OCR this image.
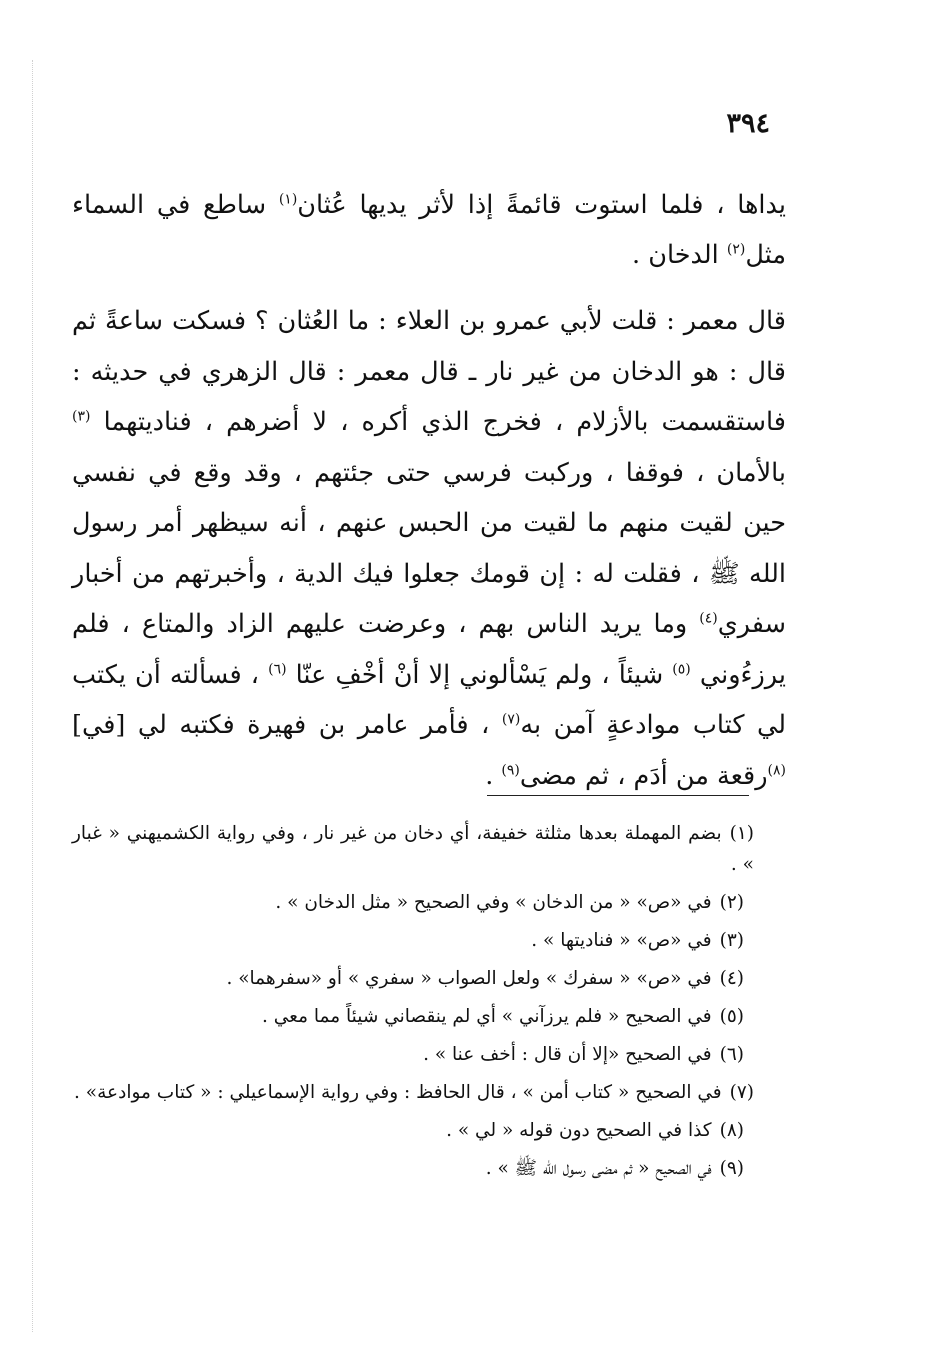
٣٩٤

يداها ، فلما استوت قائمةً إذا لأثر يديها عُثان$^{(١)}$ ساطع في السماء مثل$^{(٢)}$ الدخان .

قال معمر : قلت لأبي عمرو بن العلاء : ما العُثان ؟ فسكت ساعةً ثم قال : هو الدخان من غير نار ـ قال معمر : قال الزهري في حديثه : فاستقسمت بالأزلام ، فخرج الذي أكره ، لا أضرهم ، فناديتهما $^{(٣)}$ بالأمان ، فوقفا ، وركبت فرسي حتى جئتهم ، وقد وقع في نفسي حين لقيت منهم ما لقيت من الحبس عنهم ، أنه سيظهر أمر رسول الله ﷺ ، فقلت له : إن قومك جعلوا فيك الدية ، وأخبرتهم من أخبار سفري$^{(٤)}$ وما يريد الناس بهم ، وعرضت عليهم الزاد والمتاع ، فلم يرزءُوني $^{(٥)}$ شيئاً ، ولم يَسْألوني إلا أنْ أخْفِ عنّا $^{(٦)}$ ، فسألته أن يكتب لي كتاب موادعةٍ آمن به$^{(٧)}$ ، فأمر عامر بن فهيرة فكتبه لي [في] $^{(٨)}$رقعة من أدَم ، ثم مضى$^{(٩)}$ .

(١)بضم المهملة بعدها مثلثة خفيفة، أي دخان من غير نار ، وفي رواية الكشميهني « غبار » .

(٢)في «ص» « من الدخان » وفي الصحيح « مثل الدخان » .

(٣)في «ص» « فناديتها » .

(٤)في «ص» « سفرك » ولعل الصواب « سفري » أو «سفرهما» .

(٥)في الصحيح « فلم يرزآني » أي لم ينقصاني شيئاً مما معي .

(٦)في الصحيح «إلا أن قال : أخف عنا » .

(٧)في الصحيح « كتاب أمن » ، قال الحافظ : وفي رواية الإسماعيلي : « كتاب موادعة» .

(٨)كذا في الصحيح دون قوله « لي » .

(٩)في الصحيح « ثم مضى رسول الله ﷺ » .
